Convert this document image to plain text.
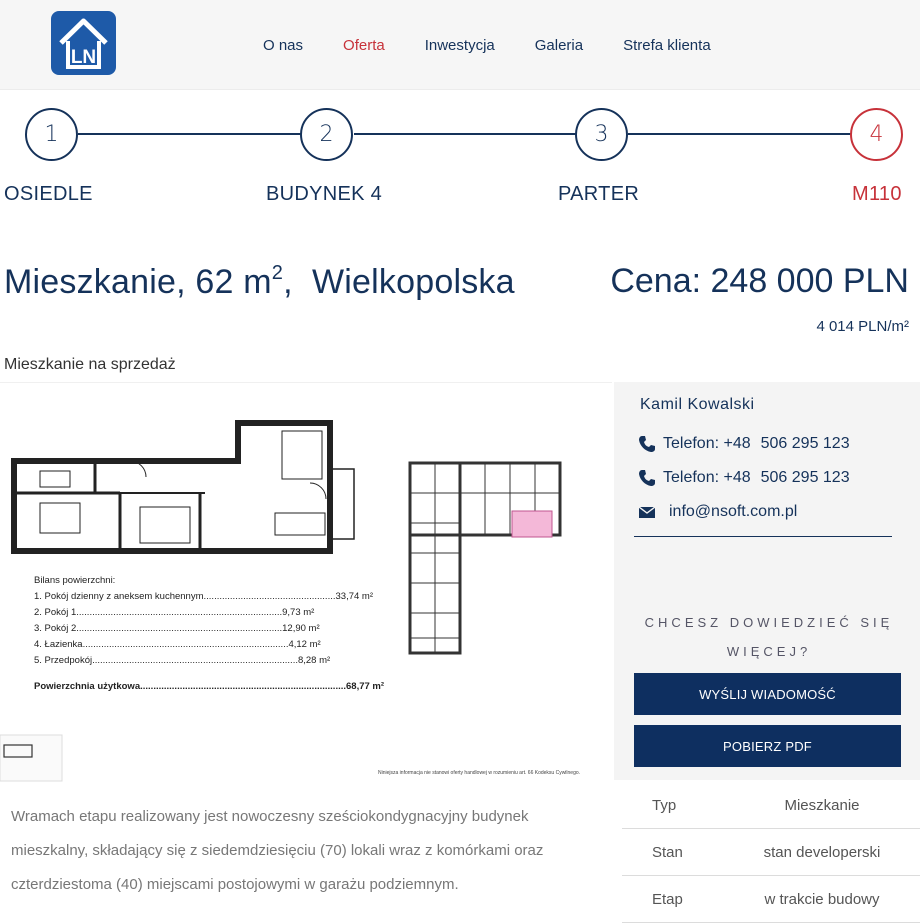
LN
O nas	Oferta	Inwestycja	Galeria	Strefa klienta
1	2	3	4
OSIEDLE	BUDYNEK 4	PARTER	M110
Mieszkanie, 62 $m^2$,  Wielkopolska	Cena: 248 000 PLN
4 014 PLN/m²
Mieszkanie na sprzedaż
Bilans powierzchni:
1. Pokój dzienny z aneksem kuchennym .................................................. 33,74 m²
2. Pokój 1 .............................................................................. 9,73 m²
3. Pokój 2 .............................................................................. 12,90 m²
4. Łazienka .............................................................................. 4,12 m²
5. Przedpokój .............................................................................. 8,28 m²
Powierzchnia użytkowa .............................................................................. 68,77 m²
Niniejsza informacja nie stanowi oferty handlowej w rozumieniu art. 66 Kodeksu Cywilnego.
Kamil Kowalski
Telefon: +48 506 295 123
Telefon: +48 506 295 123
info@nsoft.com.pl
CHCESZ DOWIEDZIEĆ SIĘ WIĘCEJ?
WYŚLIJ WIADOMOŚĆ
POBIERZ PDF

Wramach etapu realizowany jest nowoczesny sześciokondygnacyjny budynek mieszkalny, składający się z siedemdziesięciu (70) lokali wraz z komórkami oraz czterdziestoma (40) miejscami postojowymi w garażu podziemnym.

Typ	Mieszkanie
Stan	stan developerski
Etap	w trakcie budowy
